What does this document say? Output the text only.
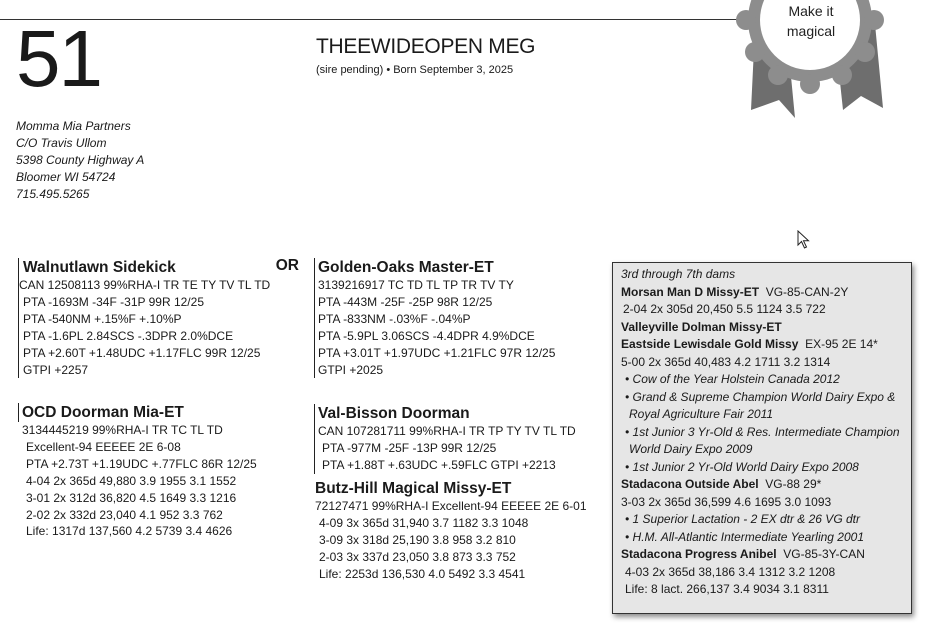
Make it
magical
51
Momma Mia Partners
C/O Travis Ullom
5398 County Highway A
Bloomer WI 54724
715.495.5265
THEEWIDEOPEN MEG
(sire pending) • Born September 3, 2025
Walnutlawn Sidekick	OR
CAN 12508113 99%RHA-I TR TE TY TV TL TD
PTA -1693M -34F -31P 99R 12/25
PTA -540NM +.15%F +.10%P
PTA -1.6PL 2.84SCS -.3DPR 2.0%DCE
PTA +2.60T +1.48UDC +1.17FLC 99R 12/25
GTPI +2257
Golden-Oaks Master-ET
3139216917 TC TD TL TP TR TV TY
PTA -443M -25F -25P 98R 12/25
PTA -833NM -.03%F -.04%P
PTA -5.9PL 3.06SCS -4.4DPR 4.9%DCE
PTA +3.01T +1.97UDC +1.21FLC 97R 12/25
GTPI +2025
OCD Doorman Mia-ET
3134445219 99%RHA-I TR TC TL TD
Excellent-94 EEEEE 2E 6-08
PTA +2.73T +1.19UDC +.77FLC 86R 12/25
4-04 2x 365d 49,880 3.9 1955 3.1 1552
3-01 2x 312d 36,820 4.5 1649 3.3 1216
2-02 2x 332d 23,040 4.1 952 3.3 762
Life: 1317d 137,560 4.2 5739 3.4 4626
Val-Bisson Doorman
CAN 107281711 99%RHA-I TR TP TY TV TL TD
PTA -977M -25F -13P 99R 12/25
PTA +1.88T +.63UDC +.59FLC GTPI +2213
Butz-Hill Magical Missy-ET
72127471 99%RHA-I Excellent-94 EEEEE 2E 6-01
4-09 3x 365d 31,940 3.7 1182 3.3 1048
3-09 3x 318d 25,190 3.8 958 3.2 810
2-03 3x 337d 23,050 3.8 873 3.3 752
Life: 2253d 136,530 4.0 5492 3.3 4541
3rd through 7th dams
Morsan Man D Missy-ET VG-85-CAN-2Y
2-04 2x 305d 20,450 5.5 1124 3.5 722
Valleyville Dolman Missy-ET
Eastside Lewisdale Gold Missy EX-95 2E 14*
5-00 2x 365d 40,483 4.2 1711 3.2 1314
• Cow of the Year Holstein Canada 2012
• Grand & Supreme Champion World Dairy Expo &
Royal Agriculture Fair 2011
• 1st Junior 3 Yr-Old & Res. Intermediate Champion
World Dairy Expo 2009
• 1st Junior 2 Yr-Old World Dairy Expo 2008
Stadacona Outside Abel VG-88 29*
3-03 2x 365d 36,599 4.6 1695 3.0 1093
• 1 Superior Lactation - 2 EX dtr & 26 VG dtr
• H.M. All-Atlantic Intermediate Yearling 2001
Stadacona Progress Anibel VG-85-3Y-CAN
4-03 2x 365d 38,186 3.4 1312 3.2 1208
Life: 8 lact. 266,137 3.4 9034 3.1 8311
